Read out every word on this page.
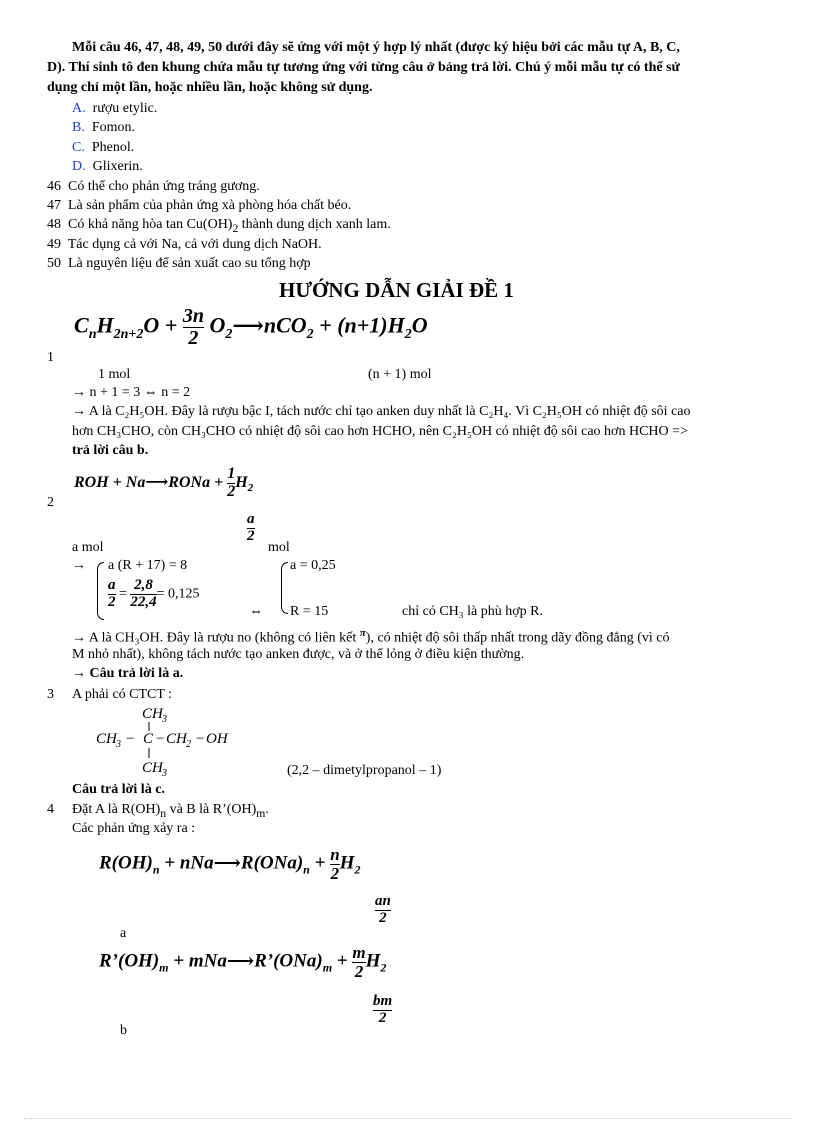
Mỗi câu 46, 47, 48, 49, 50 dưới đây sẽ ứng với một ý hợp lý nhất (được ký hiệu bởi các mẫu tự A, B, C,
D). Thí sinh tô đen khung chứa mẫu tự tương ứng với từng câu ở bảng trả lời. Chú ý mỗi mẫu tự có thể sử
dụng chỉ một lần, hoặc nhiều lần, hoặc không sử dụng.
A. rượu etylic.
B. Fomon.
C. Phenol.
D. Glixerin.
46 Có thể cho phản ứng tráng gương.
47 Là sản phẩm của phản ứng xà phòng hóa chất béo.
48 Có khả năng hòa $\tan Cu(OH)_2$ thành dung dịch xanh lam.
49 Tác dụng cả với Na, cả với dung dịch NaOH.
50 Là nguyên liệu để sản xuất cao su tổng hợp
HƯỚNG DẪN GIẢI ĐỀ 1
1
$C_nH_{2n+2}O + \frac{3n}{2}$ $O_2⟶nCO_2 + (n+1)H_2O$
1 mol	(n + 1) mol
→ n + 1 = 3 ⇔ n = 2
→ A là C₂H₅OH. Đây là rượu bậc I, tách nước chỉ tạo anken duy nhất là C₂H₄. Vì C₂H₅OH có nhiệt độ sôi cao
hơn CH₃CHO, còn CH₃CHO có nhiệt độ sôi cao hơn HCHO, nên C₂H₅OH có nhiệt độ sôi cao hơn HCHO =>
trả lời câu b.
2
ROH + Na⟶RONa + $\frac{1}{2} H_2$
$\frac{a}{2}$
a mol	mol
→ a (R + 17) = 8
$\frac{a}{2} = \frac{2,8}{22,4} = 0,125$
⇔
a = 0,25
R = 15	chỉ có CH₃ là phù hợp R.
→ A là CH₃OH. Đây là rượu no (không có liên kết $^\pi$), có nhiệt độ sôi thấp nhất trong dãy đồng đẳng (vì có
M nhỏ nhất), không tách nước tạo anken được, và ở thể lỏng ở điều kiện thường.
→ Câu trả lời là a.
3 A phải có CTCT :
CH 3
CH 3 − C − CH 2 − OH
CH 3	(2,2 – dimetylpropanol – 1)
Câu trả lời là c.
4 Đặt A là $R(OH)_n$ và B là $R’(OH)_m$.
Các phản ứng xảy ra :
$R(OH)_n$ + $nNa⟶R(ONa)_n + \frac{n}{2} H_2$
$\frac{an}{2}$
a
$R’(OH)_m$ + $mNa⟶R’(ONa)_m + \frac{m}{2} H_2$
$\frac{bm}{2}$
b
